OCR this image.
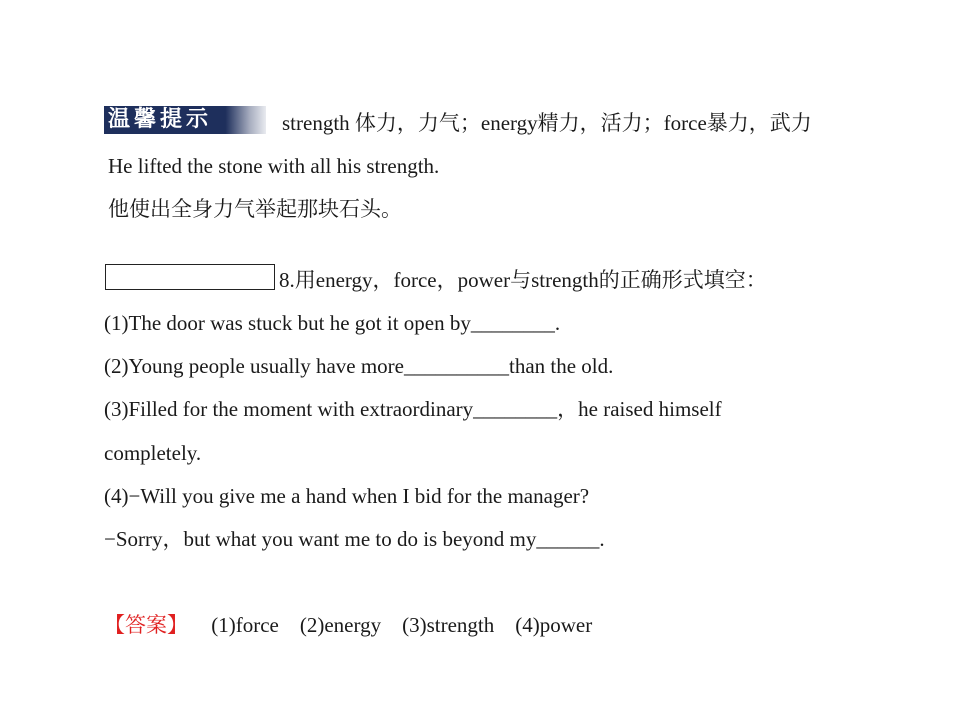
温馨提示	strength 体力，力气；energy精力，活力；force暴力，武力
He lifted the stone with all his strength.
他使出全身力气举起那块石头。
8.用energy，force，power与strength的正确形式填空：
(1)The door was stuck but he got it open by________.
(2)Young people usually have more__________than the old.
(3)Filled for the moment with extraordinary________，he raised himself
completely.
(4)−Will you give me a hand when I bid for the manager?
−Sorry，but what you want me to do is beyond my______.
【答案】 (1)force    (2)energy    (3)strength    (4)power
